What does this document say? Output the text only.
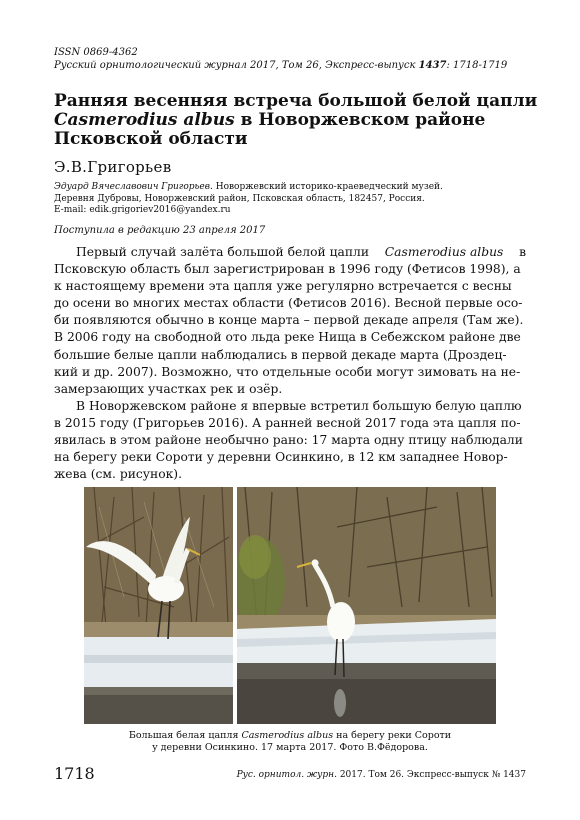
ISSN 0869-4362
Русский орнитологический журнал 2017, Том 26, Экспресс-выпуск 1437: 1718-1719
Ранняя весенняя встреча большой белой цапли
Casmerodius albus в Новоржевском районе
Псковской области
Э.В.Григорьев
Эдуард Вячеславович Григорьев. Новоржевский историко-краеведческий музей.
Деревня Дубровы, Новоржевский район, Псковская область, 182457, Россия.
E-mail: edik.grigoriev2016@yandex.ru
Поступила в редакцию 23 апреля 2017
Первый случай залёта большой белой цапли Casmerodius albus в
Псковскую область был зарегистрирован в 1996 году (Фетисов 1998), а
к настоящему времени эта цапля уже регулярно встречается с весны
до осени во многих местах области (Фетисов 2016). Весной первые осо-
би появляются обычно в конце марта – первой декаде апреля (Там же).
В 2006 году на свободной ото льда реке Нища в Себежском районе две
большие белые цапли наблюдались в первой декаде марта (Дроздец-
кий и др. 2007). Возможно, что отдельные особи могут зимовать на не-
замерзающих участках рек и озёр.
В Новоржевском районе я впервые встретил большую белую цаплю
в 2015 году (Григорьев 2016). А ранней весной 2017 года эта цапля по-
явилась в этом районе необычно рано: 17 марта одну птицу наблюдали
на берегу реки Сороти у деревни Осинкино, в 12 км западнее Новор-
жева (см. рисунок).
Большая белая цапля Casmerodius albus на берегу реки Сороти
у деревни Осинкино. 17 марта 2017. Фото В.Фёдорова.
1718	Рус. орнитол. журн. 2017. Том 26. Экспресс-выпуск № 1437
